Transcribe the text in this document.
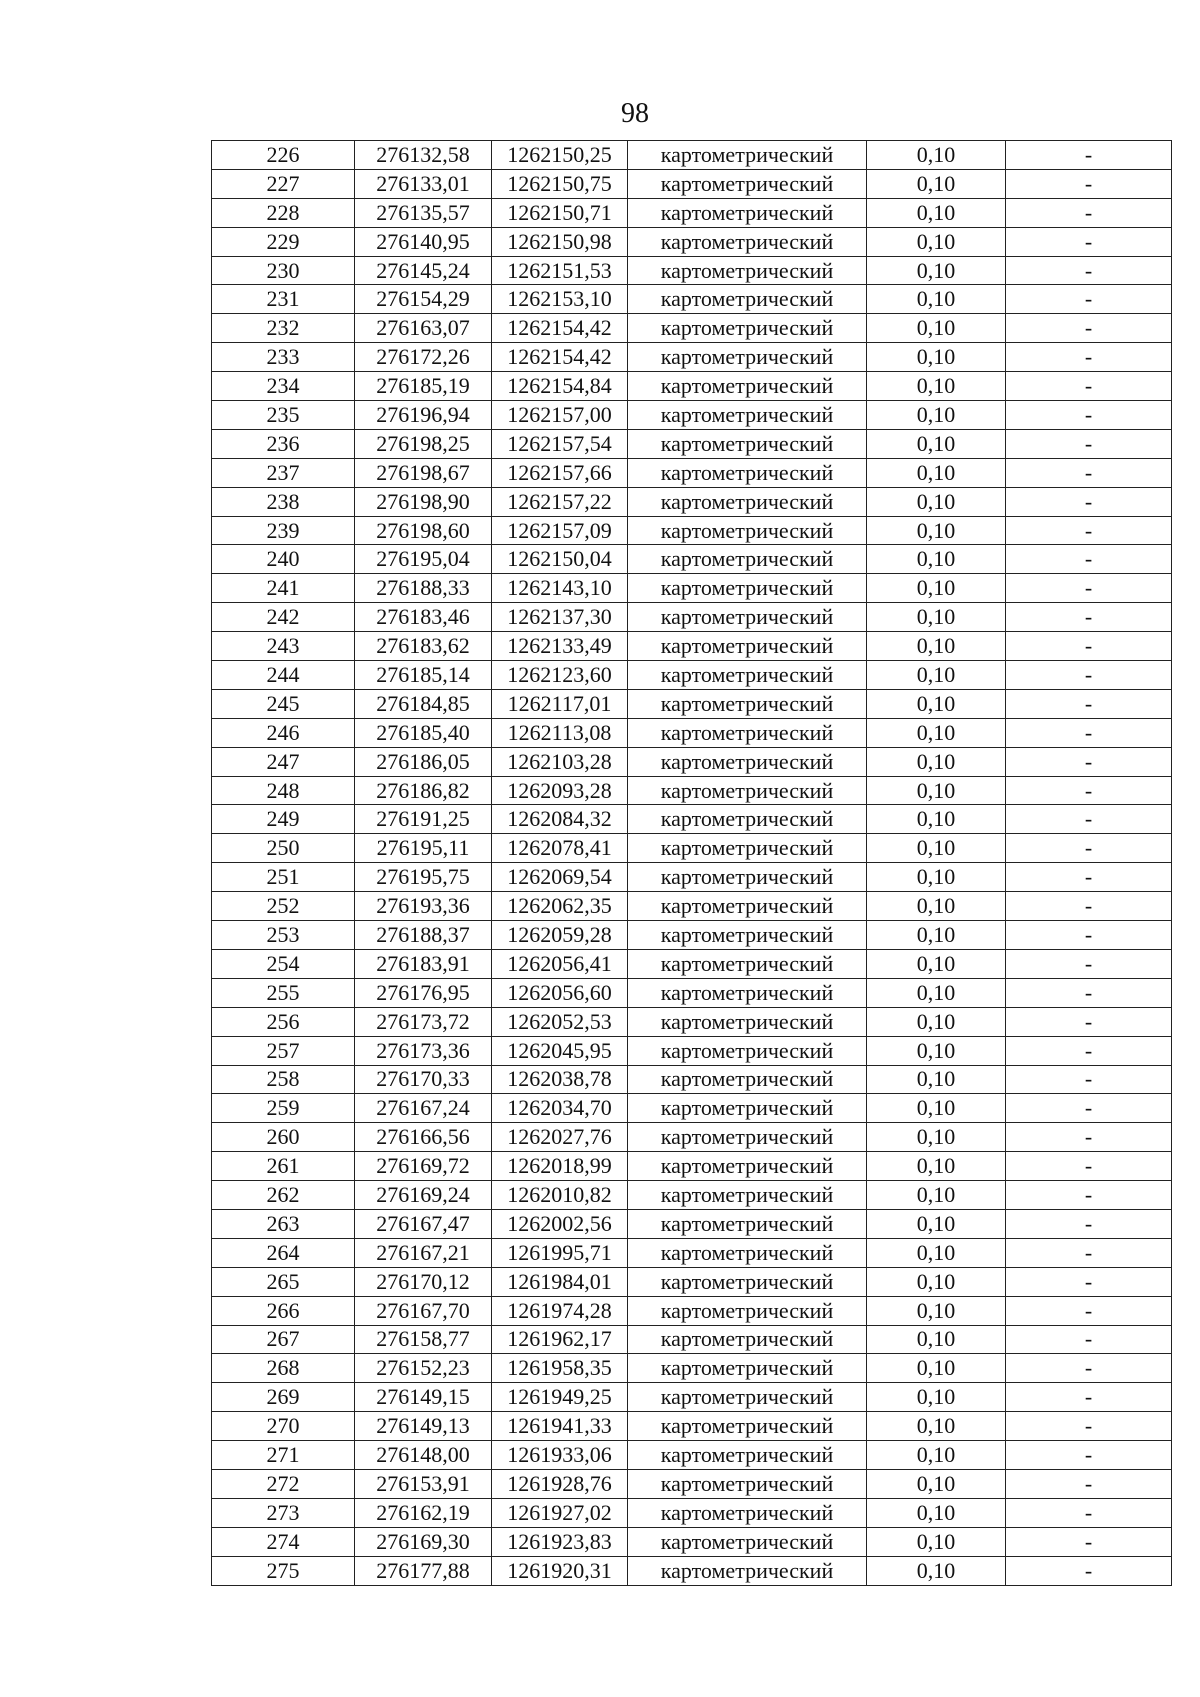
98
226	276132,58	1262150,25	картометрический	0,10	-
227	276133,01	1262150,75	картометрический	0,10	-
228	276135,57	1262150,71	картометрический	0,10	-
229	276140,95	1262150,98	картометрический	0,10	-
230	276145,24	1262151,53	картометрический	0,10	-
231	276154,29	1262153,10	картометрический	0,10	-
232	276163,07	1262154,42	картометрический	0,10	-
233	276172,26	1262154,42	картометрический	0,10	-
234	276185,19	1262154,84	картометрический	0,10	-
235	276196,94	1262157,00	картометрический	0,10	-
236	276198,25	1262157,54	картометрический	0,10	-
237	276198,67	1262157,66	картометрический	0,10	-
238	276198,90	1262157,22	картометрический	0,10	-
239	276198,60	1262157,09	картометрический	0,10	-
240	276195,04	1262150,04	картометрический	0,10	-
241	276188,33	1262143,10	картометрический	0,10	-
242	276183,46	1262137,30	картометрический	0,10	-
243	276183,62	1262133,49	картометрический	0,10	-
244	276185,14	1262123,60	картометрический	0,10	-
245	276184,85	1262117,01	картометрический	0,10	-
246	276185,40	1262113,08	картометрический	0,10	-
247	276186,05	1262103,28	картометрический	0,10	-
248	276186,82	1262093,28	картометрический	0,10	-
249	276191,25	1262084,32	картометрический	0,10	-
250	276195,11	1262078,41	картометрический	0,10	-
251	276195,75	1262069,54	картометрический	0,10	-
252	276193,36	1262062,35	картометрический	0,10	-
253	276188,37	1262059,28	картометрический	0,10	-
254	276183,91	1262056,41	картометрический	0,10	-
255	276176,95	1262056,60	картометрический	0,10	-
256	276173,72	1262052,53	картометрический	0,10	-
257	276173,36	1262045,95	картометрический	0,10	-
258	276170,33	1262038,78	картометрический	0,10	-
259	276167,24	1262034,70	картометрический	0,10	-
260	276166,56	1262027,76	картометрический	0,10	-
261	276169,72	1262018,99	картометрический	0,10	-
262	276169,24	1262010,82	картометрический	0,10	-
263	276167,47	1262002,56	картометрический	0,10	-
264	276167,21	1261995,71	картометрический	0,10	-
265	276170,12	1261984,01	картометрический	0,10	-
266	276167,70	1261974,28	картометрический	0,10	-
267	276158,77	1261962,17	картометрический	0,10	-
268	276152,23	1261958,35	картометрический	0,10	-
269	276149,15	1261949,25	картометрический	0,10	-
270	276149,13	1261941,33	картометрический	0,10	-
271	276148,00	1261933,06	картометрический	0,10	-
272	276153,91	1261928,76	картометрический	0,10	-
273	276162,19	1261927,02	картометрический	0,10	-
274	276169,30	1261923,83	картометрический	0,10	-
275	276177,88	1261920,31	картометрический	0,10	-
